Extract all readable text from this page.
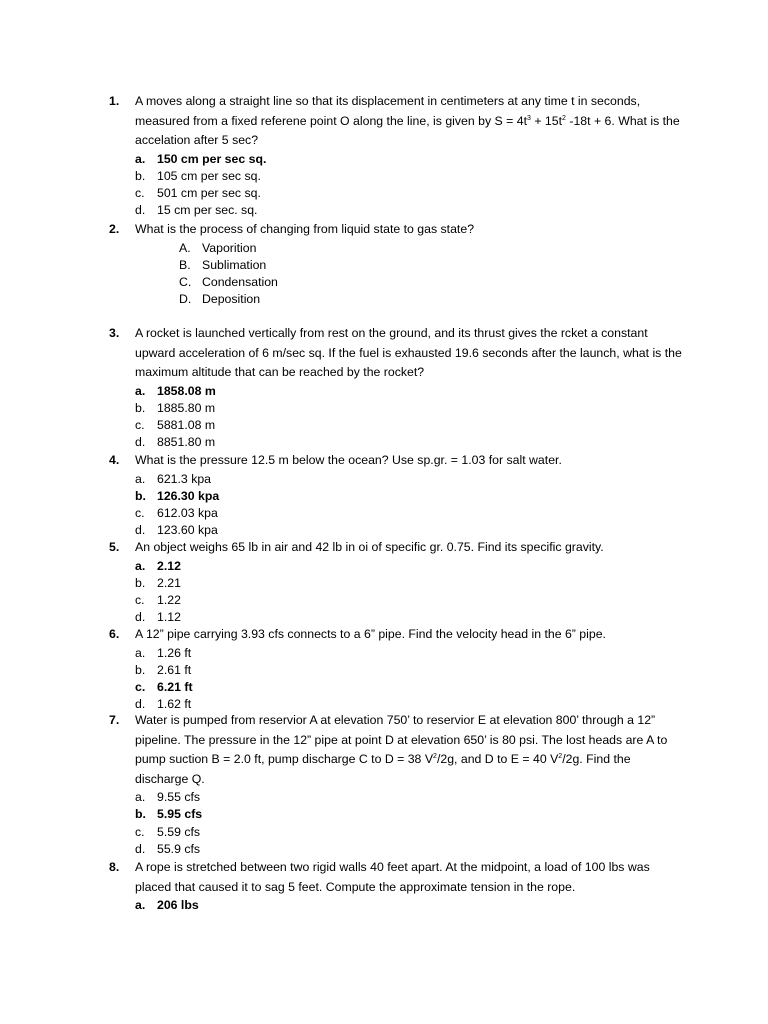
1. A moves along a straight line so that its displacement in centimeters at any time t in seconds, measured from a fixed referene point O along the line, is given by $S = 4t^3 + 15t^2$ -18t + 6. What is the accelation after 5 sec?
a. 150 cm per sec sq.
b. 105 cm per sec sq.
c. 501 cm per sec sq.
d. 15 cm per sec. sq.
2. What is the process of changing from liquid state to gas state?
A. Vaporition
B. Sublimation
C. Condensation
D. Deposition
3. A rocket is launched vertically from rest on the ground, and its thrust gives the rcket a constant upward acceleration of 6 m/sec sq. If the fuel is exhausted 19.6 seconds after the launch, what is the maximum altitude that can be reached by the rocket?
a. 1858.08 m
b. 1885.80 m
c. 5881.08 m
d. 8851.80 m
4. What is the pressure 12.5 m below the ocean? Use sp.gr. = 1.03 for salt water.
a. 621.3 kpa
b. 126.30 kpa
c. 612.03 kpa
d. 123.60 kpa
5. An object weighs 65 lb in air and 42 lb in oi of specific gr. 0.75. Find its specific gravity.
a. 2.12
b. 2.21
c. 1.22
d. 1.12
6. A 12” pipe carrying 3.93 cfs connects to a 6” pipe. Find the velocity head in the 6” pipe.
a. 1.26 ft
b. 2.61 ft
c. 6.21 ft
d. 1.62 ft
7. Water is pumped from reservior A at elevation 750’ to reservior E at elevation 800’ through a 12” pipeline. The pressure in the 12” pipe at point D at elevation 650’ is 80 psi. The lost heads are A to pump suction B = 2.0 ft, pump discharge C to D = 38 $V^2/2g$, and D to E = 40 $V^2/2g$. Find the discharge Q.
a. 9.55 cfs
b. 5.95 cfs
c. 5.59 cfs
d. 55.9 cfs
8. A rope is stretched between two rigid walls 40 feet apart. At the midpoint, a load of 100 lbs was placed that caused it to sag 5 feet. Compute the approximate tension in the rope.
a. 206 lbs
